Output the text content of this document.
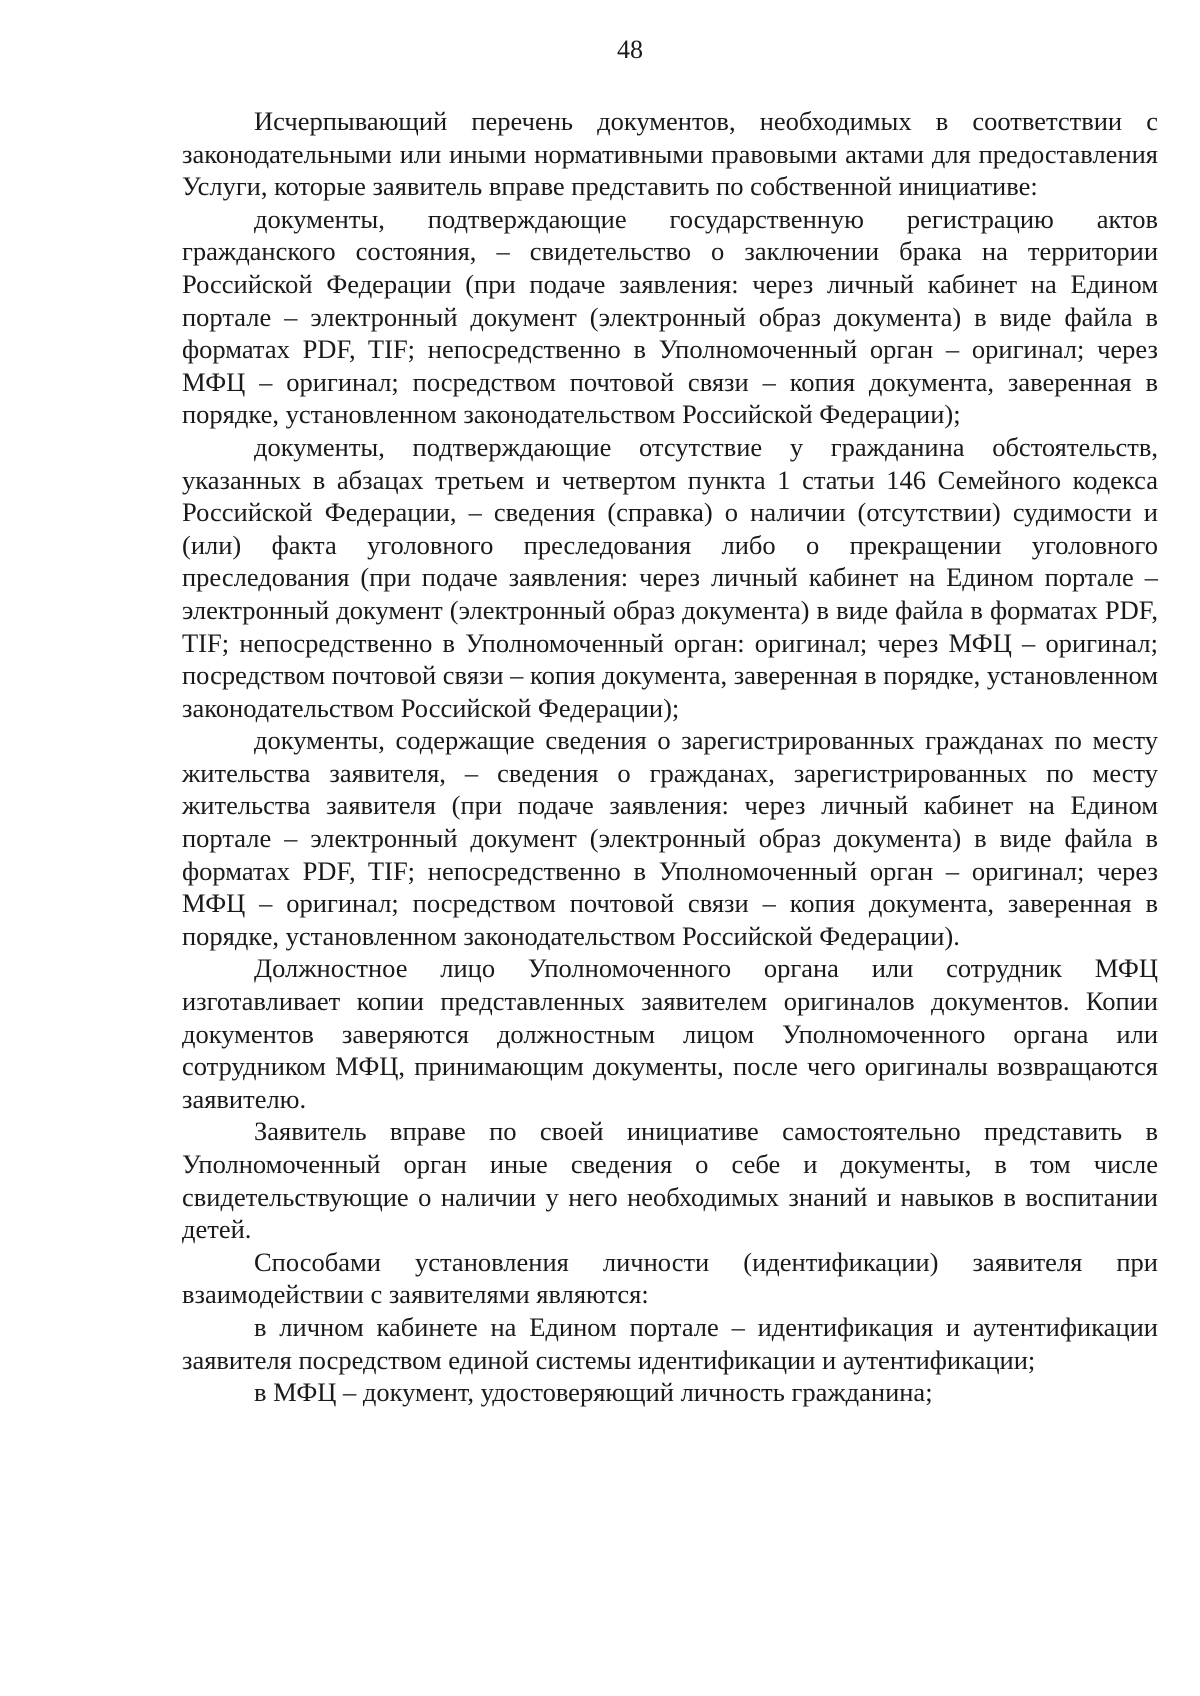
48

Исчерпывающий перечень документов, необходимых в соответствии с законодательными или иными нормативными правовыми актами для предоставления Услуги, которые заявитель вправе представить по собственной инициативе:

документы, подтверждающие государственную регистрацию актов гражданского состояния, – свидетельство о заключении брака на территории Российской Федерации (при подаче заявления: через личный кабинет на Едином портале – электронный документ (электронный образ документа) в виде файла в форматах PDF, TIF; непосредственно в Уполномоченный орган – оригинал; через МФЦ – оригинал; посредством почтовой связи – копия документа, заверенная в порядке, установленном законодательством Российской Федерации);

документы, подтверждающие отсутствие у гражданина обстоятельств, указанных в абзацах третьем и четвертом пункта 1 статьи 146 Семейного кодекса Российской Федерации, – сведения (справка) о наличии (отсутствии) судимости и (или) факта уголовного преследования либо о прекращении уголовного преследования (при подаче заявления: через личный кабинет на Едином портале – электронный документ (электронный образ документа) в виде файла в форматах PDF, TIF; непосредственно в Уполномоченный орган: оригинал; через МФЦ – оригинал; посредством почтовой связи – копия документа, заверенная в порядке, установленном законодательством Российской Федерации);

документы, содержащие сведения о зарегистрированных гражданах по месту жительства заявителя, – сведения о гражданах, зарегистрированных по месту жительства заявителя (при подаче заявления: через личный кабинет на Едином портале – электронный документ (электронный образ документа) в виде файла в форматах PDF, TIF; непосредственно в Уполномоченный орган – оригинал; через МФЦ – оригинал; посредством почтовой связи – копия документа, заверенная в порядке, установленном законодательством Российской Федерации).

Должностное лицо Уполномоченного органа или сотрудник МФЦ изготавливает копии представленных заявителем оригиналов документов. Копии документов заверяются должностным лицом Уполномоченного органа или сотрудником МФЦ, принимающим документы, после чего оригиналы возвращаются заявителю.

Заявитель вправе по своей инициативе самостоятельно представить в Уполномоченный орган иные сведения о себе и документы, в том числе свидетельствующие о наличии у него необходимых знаний и навыков в воспитании детей.

Способами установления личности (идентификации) заявителя при взаимодействии с заявителями являются:

в личном кабинете на Едином портале – идентификация и аутентификации заявителя посредством единой системы идентификации и аутентификации;

в МФЦ – документ, удостоверяющий личность гражданина;
